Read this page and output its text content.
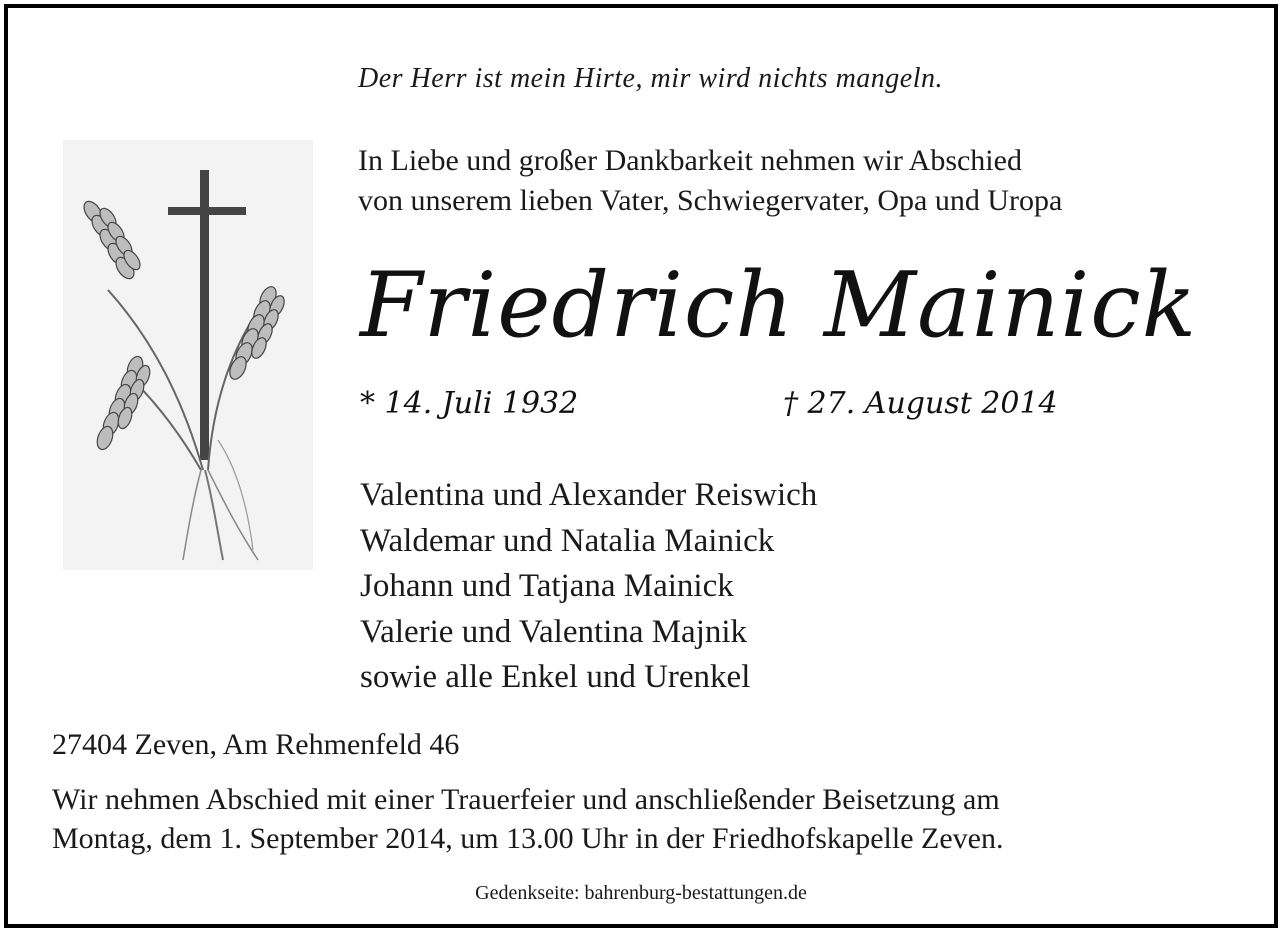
Der Herr ist mein Hirte, mir wird nichts mangeln.
In Liebe und großer Dankbarkeit nehmen wir Abschied
von unserem lieben Vater, Schwiegervater, Opa und Uropa
Friedrich Mainick
* 14. Juli 1932	† 27. August 2014
Valentina und Alexander Reiswich
Waldemar und Natalia Mainick
Johann und Tatjana Mainick
Valerie und Valentina Majnik
sowie alle Enkel und Urenkel
27404 Zeven, Am Rehmenfeld 46
Wir nehmen Abschied mit einer Trauerfeier und anschließender Beisetzung am
Montag, dem 1. September 2014, um 13.00 Uhr in der Friedhofskapelle Zeven.
Gedenkseite: bahrenburg-bestattungen.de
